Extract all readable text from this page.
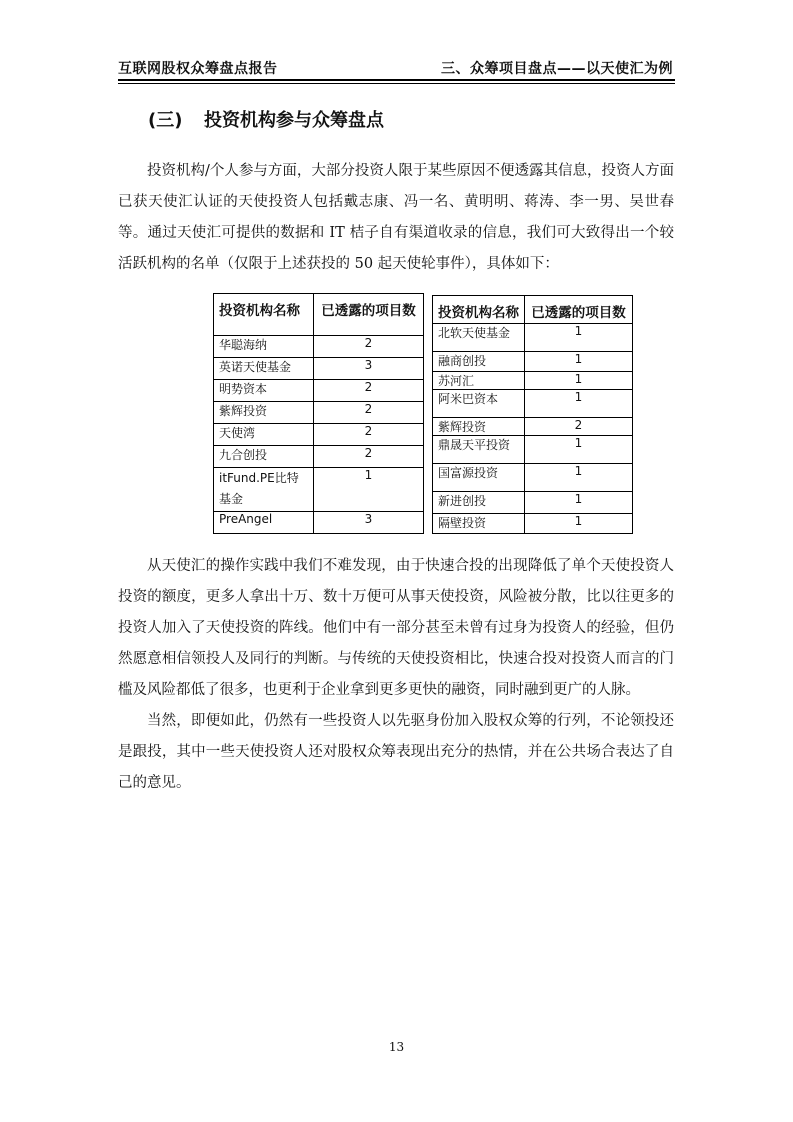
互联网股权众筹盘点报告	三、众筹项目盘点——以天使汇为例
(三) 投资机构参与众筹盘点

投资机构/个人参与方面，大部分投资人限于某些原因不便透露其信息，投资人方面已获天使汇认证的天使投资人包括戴志康、冯一名、黄明明、蒋涛、李一男、吴世春等。通过天使汇可提供的数据和 IT 桔子自有渠道收录的信息，我们可大致得出一个较活跃机构的名单（仅限于上述获投的 50 起天使轮事件），具体如下：

投资机构名称	已透露的项目数
华聪海纳	2
英诺天使基金	3
明势资本	2
紫辉投资	2
天使湾	2
九合创投	2
itFund.PE比特基金	1
PreAngel	3
投资机构名称	已透露的项目数
北软天使基金	1
融商创投	1
苏河汇	1
阿米巴资本	1
紫辉投资	2
鼎晟天平投资	1
国富源投资	1
新进创投	1
隔壁投资	1

从天使汇的操作实践中我们不难发现，由于快速合投的出现降低了单个天使投资人投资的额度，更多人拿出十万、数十万便可从事天使投资，风险被分散，比以往更多的投资人加入了天使投资的阵线。他们中有一部分甚至未曾有过身为投资人的经验，但仍然愿意相信领投人及同行的判断。与传统的天使投资相比，快速合投对投资人而言的门槛及风险都低了很多，也更利于企业拿到更多更快的融资，同时融到更广的人脉。

当然，即便如此，仍然有一些投资人以先驱身份加入股权众筹的行列，不论领投还是跟投，其中一些天使投资人还对股权众筹表现出充分的热情，并在公共场合表达了自己的意见。

13
